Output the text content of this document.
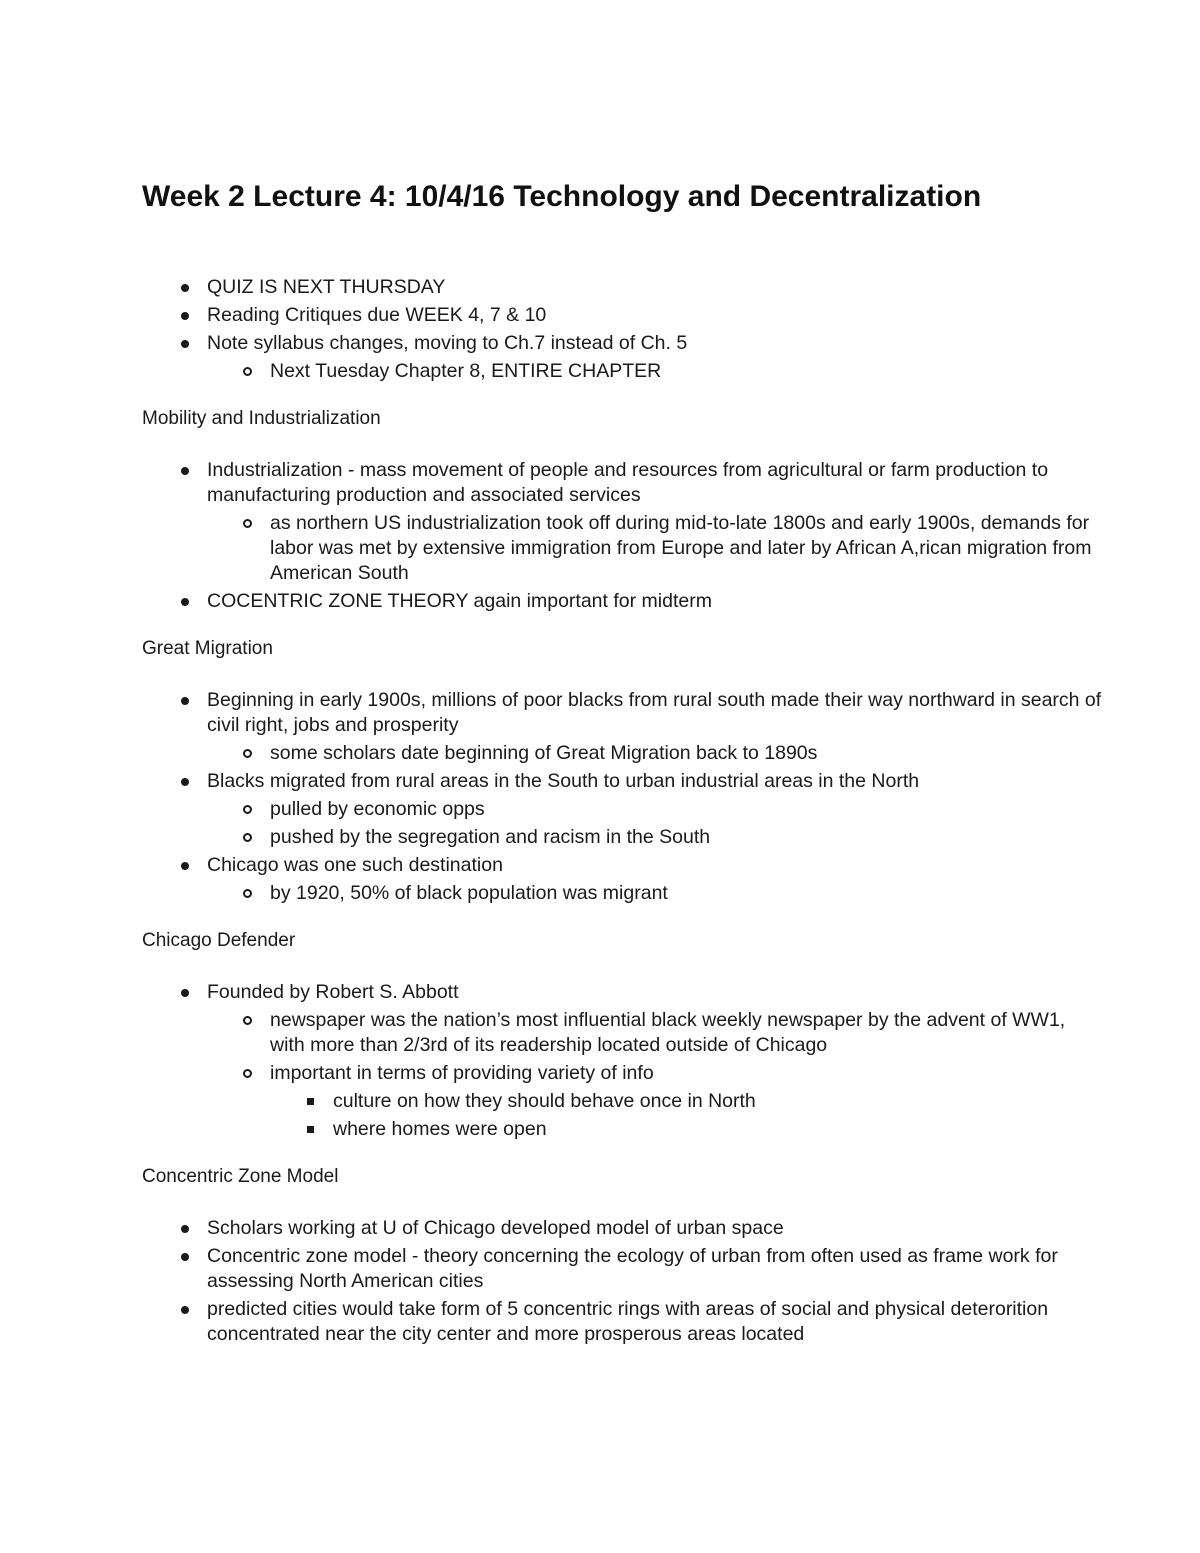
Week 2 Lecture 4: 10/4/16 Technology and Decentralization
QUIZ IS NEXT THURSDAY
Reading Critiques due WEEK 4, 7 & 10
Note syllabus changes, moving to Ch.7 instead of Ch. 5
Next Tuesday Chapter 8, ENTIRE CHAPTER
Mobility and Industrialization
Industrialization - mass movement of people and resources from agricultural or farm production to manufacturing production and associated services
as northern US industrialization took off during mid-to-late 1800s and early 1900s, demands for labor was met by extensive immigration from Europe and later by African A,rican migration from American South
COCENTRIC ZONE THEORY again important for midterm
Great Migration
Beginning in early 1900s, millions of poor blacks from rural south made their way northward in search of civil right, jobs and prosperity
some scholars date beginning of Great Migration back to 1890s
Blacks migrated from rural areas in the South to urban industrial areas in the North
pulled by economic opps
pushed by the segregation and racism in the South
Chicago was one such destination
by 1920, 50% of black population was migrant
Chicago Defender
Founded by Robert S. Abbott
newspaper was the nation’s most influential black weekly newspaper by the advent of WW1, with more than 2/3rd of its readership located outside of Chicago
important in terms of providing variety of info
culture on how they should behave once in North
where homes were open
Concentric Zone Model
Scholars working at U of Chicago developed model of urban space
Concentric zone model - theory concerning the ecology of urban from often used as frame work for assessing North American cities
predicted cities would take form of 5 concentric rings with areas of social and physical deterorition concentrated near the city center and more prosperous areas located
